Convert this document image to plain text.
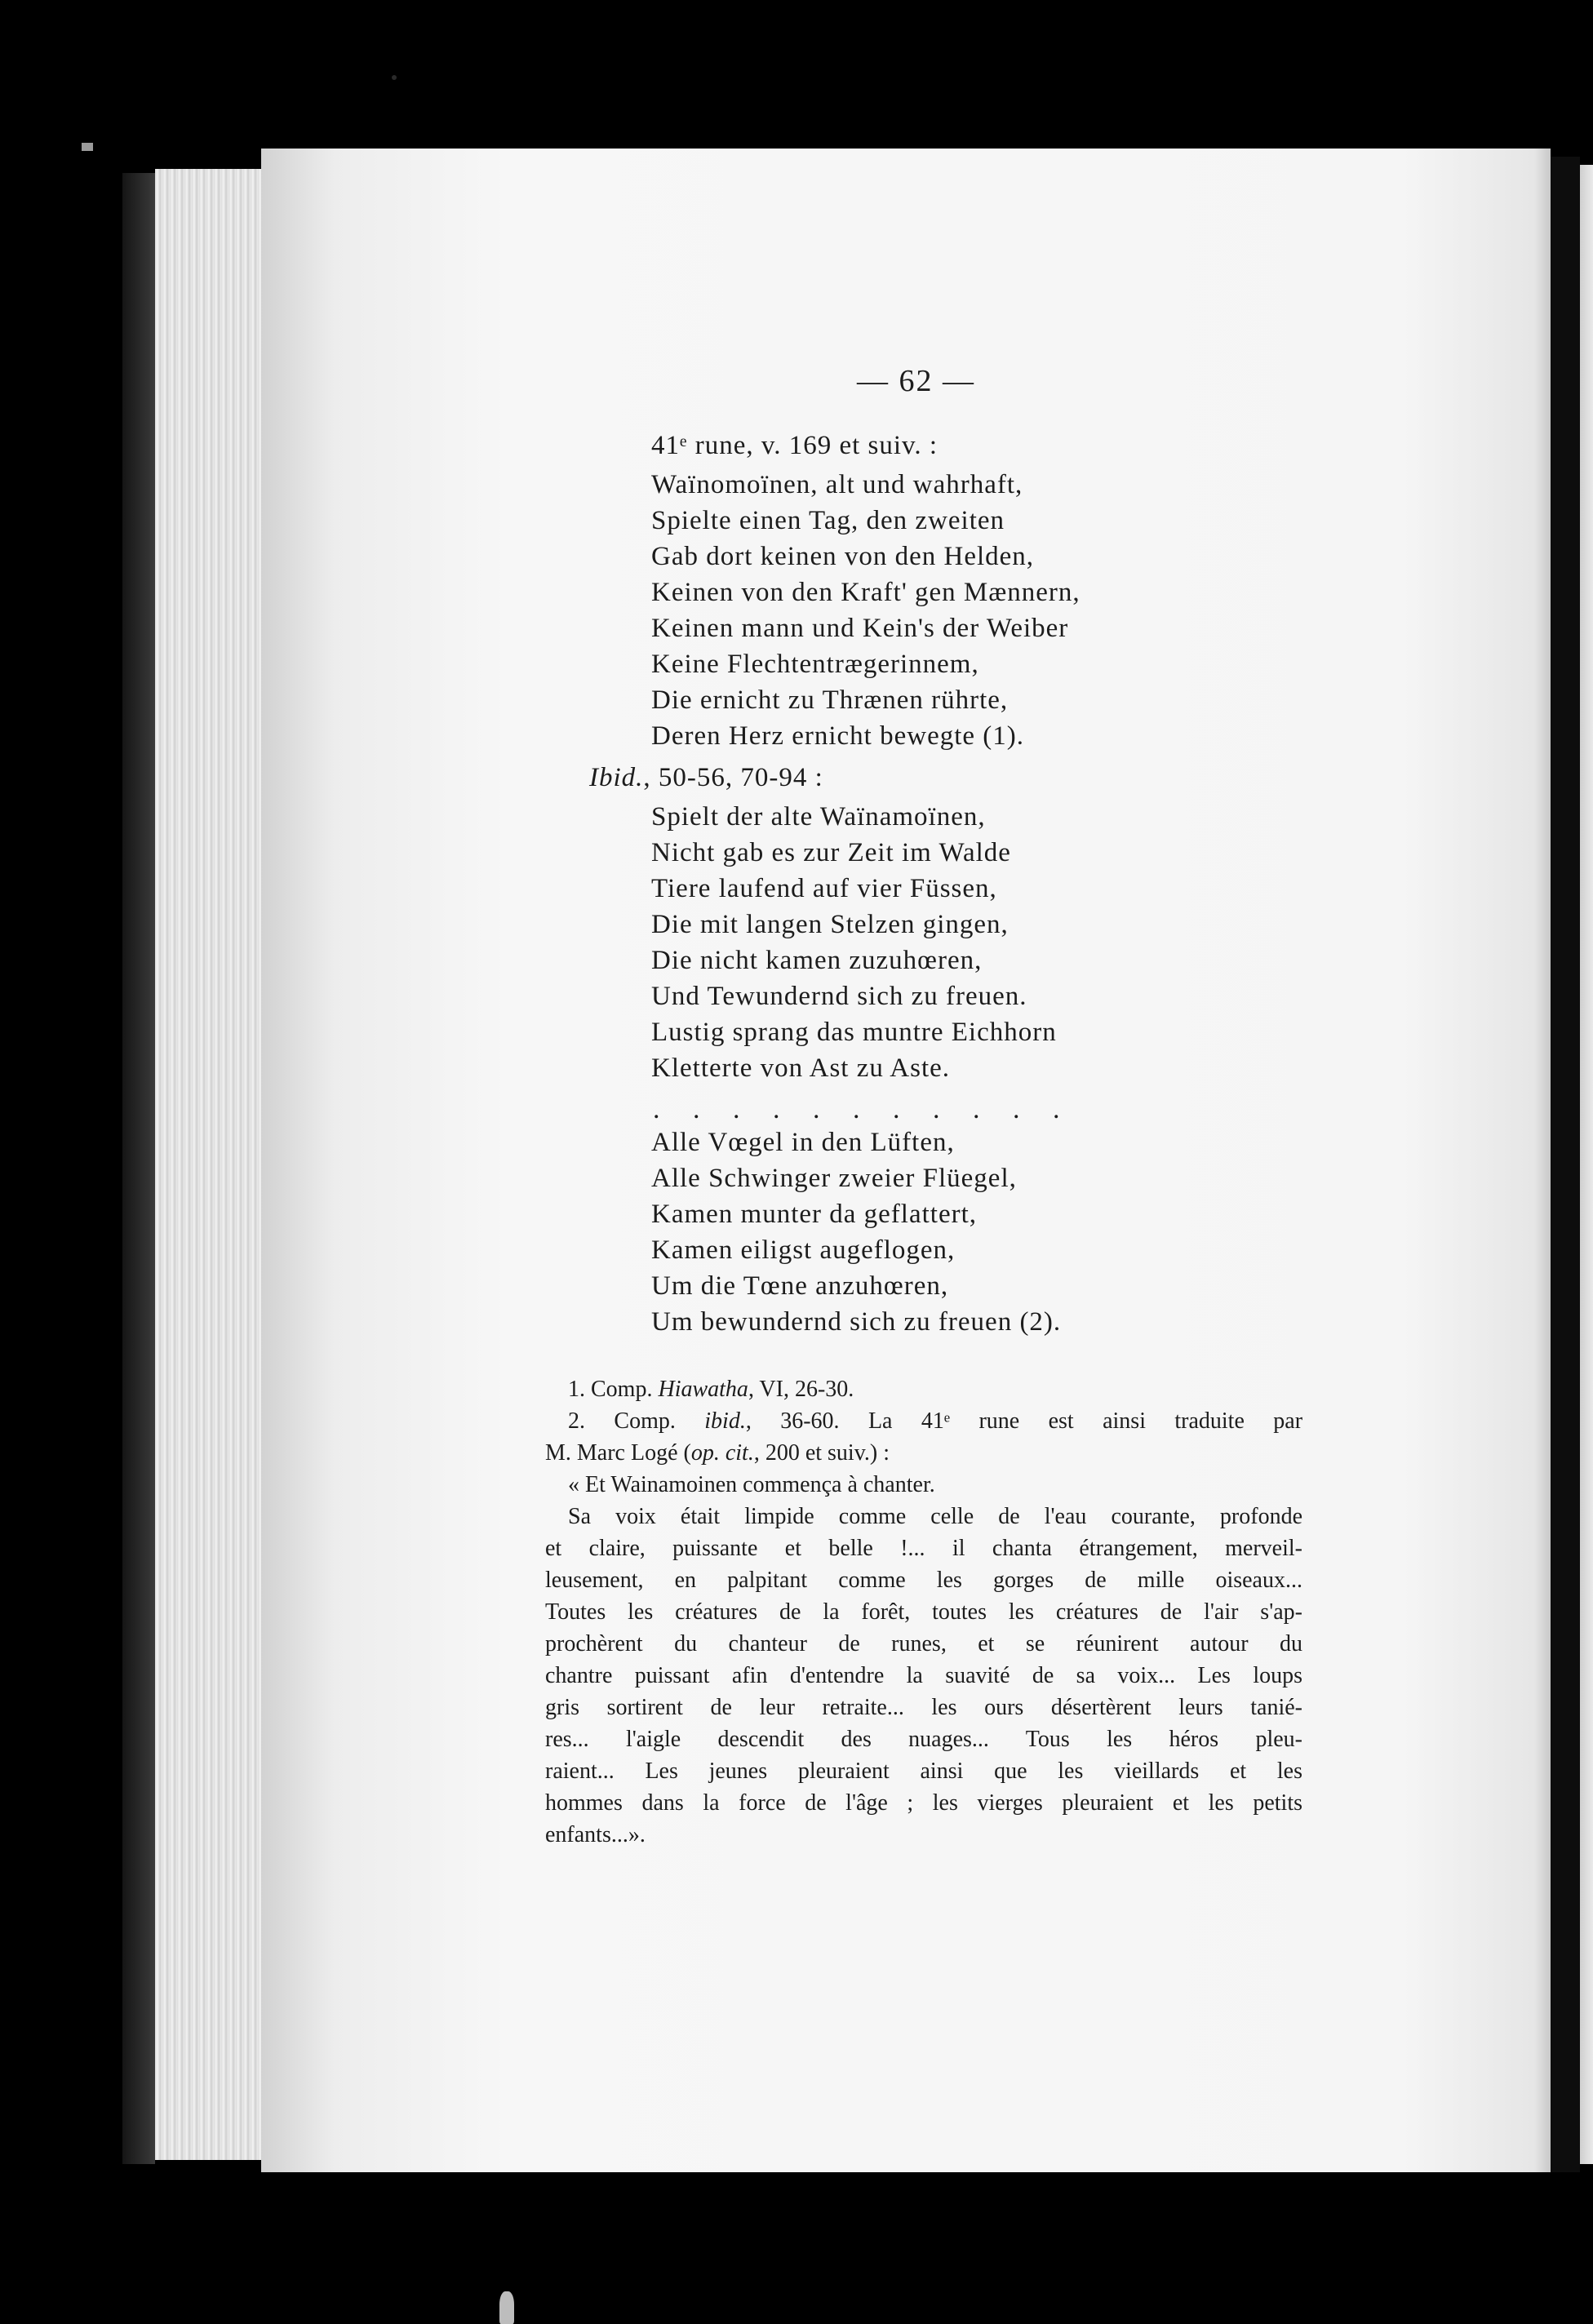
— 62 —
41ᵉ rune, v. 169 et suiv. :
Waïnomoïnen, alt und wahrhaft,
Spielte einen Tag, den zweiten
Gab dort keinen von den Helden,
Keinen von den Kraft' gen Mænnern,
Keinen mann und Kein's der Weiber
Keine Flechtentrægerinnem,
Die ernicht zu Thrænen rührte,
Deren Herz ernicht bewegte (1).
Ibid., 50-56, 70-94 :
Spielt der alte Waïnamoïnen,
Nicht gab es zur Zeit im Walde
Tiere laufend auf vier Füssen,
Die mit langen Stelzen gingen,
Die nicht kamen zuzuhœren,
Und Tewundernd sich zu freuen.
Lustig sprang das muntre Eichhorn
Kletterte von Ast zu Aste.
. . . . . . . . . . .
Alle Vœgel in den Lüften,
Alle Schwinger zweier Flüegel,
Kamen munter da geflattert,
Kamen eiligst augeflogen,
Um die Tœne anzuhœren,
Um bewundernd sich zu freuen (2).
1. Comp. Hiawatha, VI, 26-30.
2. Comp. ibid., 36-60. La 41ᵉ rune est ainsi traduite par
M. Marc Logé (op. cit., 200 et suiv.) :
« Et Wainamoinen commença à chanter.
Sa voix était limpide comme celle de l'eau courante, profonde
et claire, puissante et belle !... il chanta étrangement, merveil-
leusement, en palpitant comme les gorges de mille oiseaux...
Toutes les créatures de la forêt, toutes les créatures de l'air s'ap-
prochèrent du chanteur de runes, et se réunirent autour du
chantre puissant afin d'entendre la suavité de sa voix... Les loups
gris sortirent de leur retraite... les ours désertèrent leurs tanié-
res... l'aigle descendit des nuages... Tous les héros pleu-
raient... Les jeunes pleuraient ainsi que les vieillards et les
hommes dans la force de l'âge ; les vierges pleuraient et les petits
enfants...».
